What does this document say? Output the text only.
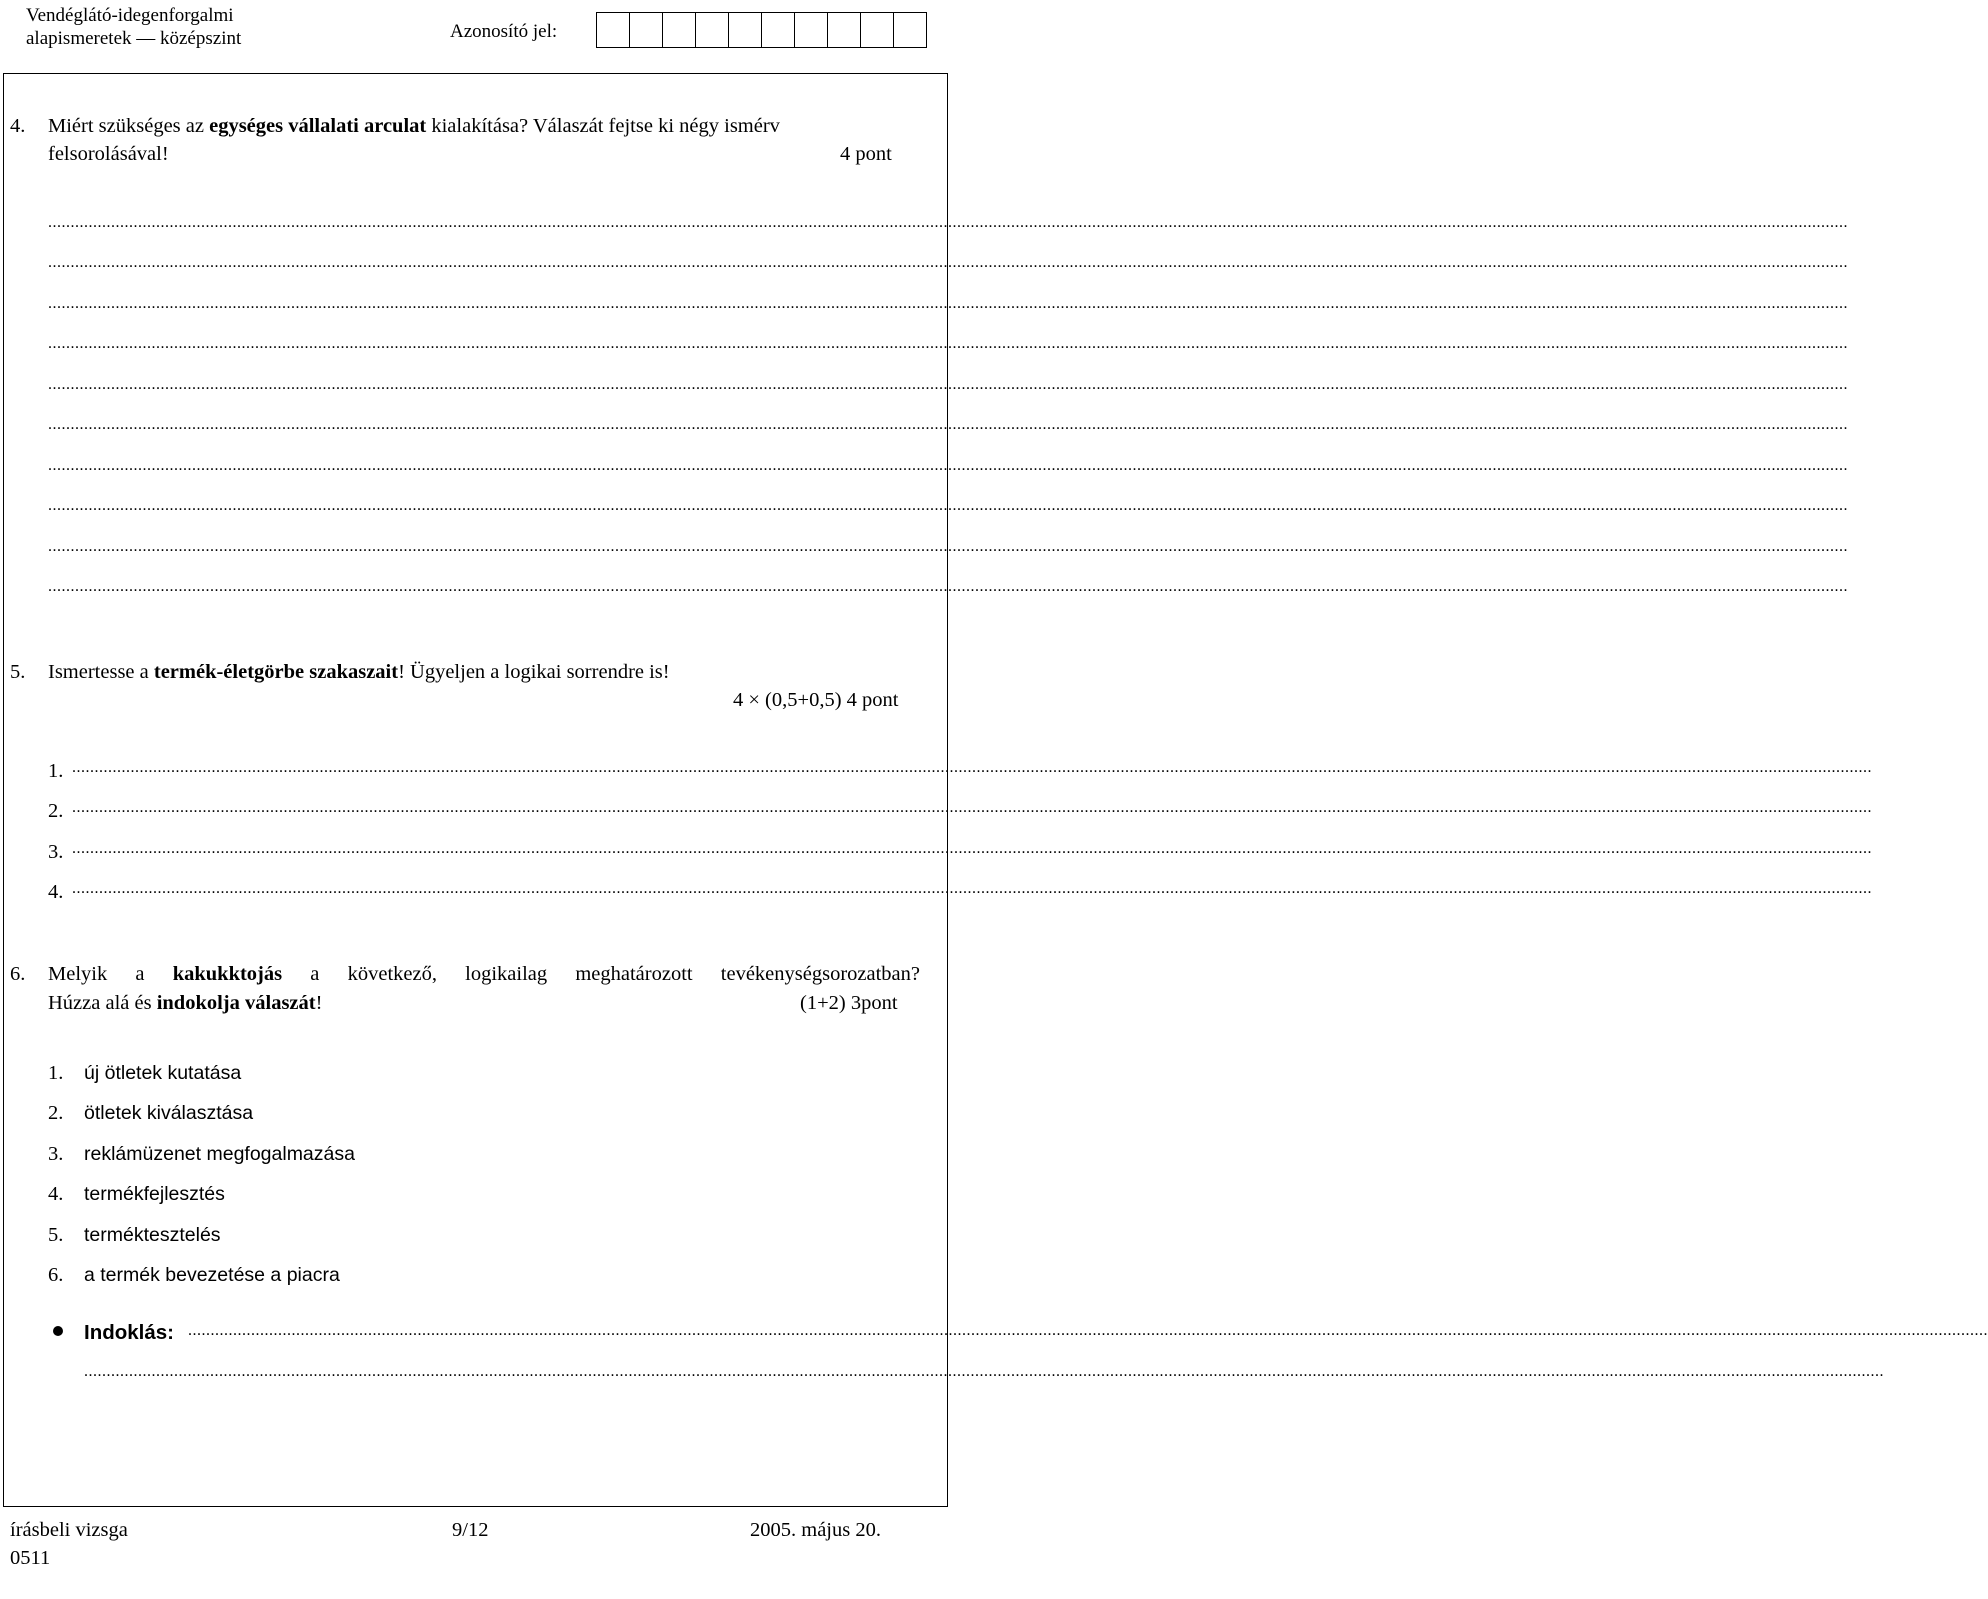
Vendéglátó-idegenforgalmi
alapismeretek — középszint	Azonosító jel:
4. Miért szükséges az egységes vállalati arculat kialakítása? Válaszát fejtse ki négy ismérv
felsorolásával!	4 pont
................................................................................................................................................................................................................................................................................................................................................................................................................
................................................................................................................................................................................................................................................................................................................................................................................................................
................................................................................................................................................................................................................................................................................................................................................................................................................
................................................................................................................................................................................................................................................................................................................................................................................................................
................................................................................................................................................................................................................................................................................................................................................................................................................
................................................................................................................................................................................................................................................................................................................................................................................................................
................................................................................................................................................................................................................................................................................................................................................................................................................
................................................................................................................................................................................................................................................................................................................................................................................................................
................................................................................................................................................................................................................................................................................................................................................................................................................
................................................................................................................................................................................................................................................................................................................................................................................................................
5. Ismertesse a termék-életgörbe szakaszait! Ügyeljen a logikai sorrendre is!
4 × (0,5+0,5) 4 pont
1. ................................................................................................................................................................................................................................................................................................................................................................................................................
2. ................................................................................................................................................................................................................................................................................................................................................................................................................
3. ................................................................................................................................................................................................................................................................................................................................................................................................................
4. ................................................................................................................................................................................................................................................................................................................................................................................................................
6. Melyik a kakukktojás a következő, logikailag meghatározott tevékenységsorozatban?
Húzza alá és indokolja válaszát!	(1+2) 3pont
1. új ötletek kutatása
2. ötletek kiválasztása
3. reklámüzenet megfogalmazása
4. termékfejlesztés
5. terméktesztelés
6. a termék bevezetése a piacra
Indoklás: ................................................................................................................................................................................................................................................................................................................................................................................................................
................................................................................................................................................................................................................................................................................................................................................................................................................
írásbeli vizsga
0511
9/12	2005. május 20.
